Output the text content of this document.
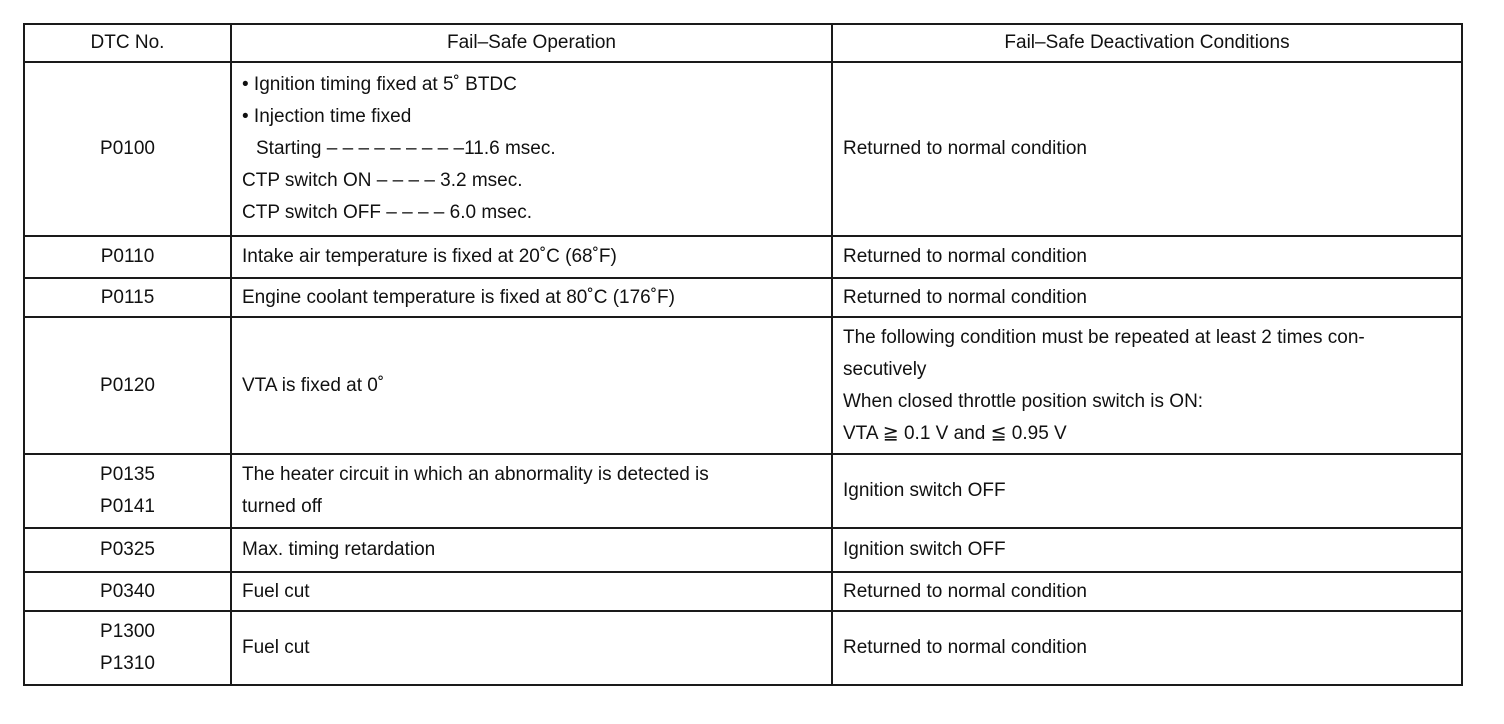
DTC No.	Fail–Safe Operation	Fail–Safe Deactivation Conditions

P0100	• Ignition timing fixed at 5˚ BTDC
• Injection time fixed
Starting – – – – – – – – –11.6 msec.
CTP switch ON – – – – 3.2 msec.
CTP switch OFF – – – – 6.0 msec.	Returned to normal condition

P0110	Intake air temperature is fixed at 20˚C (68˚F)	Returned to normal condition

P0115	Engine coolant temperature is fixed at 80˚C (176˚F)	Returned to normal condition

P0120	VTA is fixed at 0˚	The following condition must be repeated at least 2 times con-
secutively
When closed throttle position switch is ON:
VTA ≧ 0.1 V and ≦ 0.95 V

P0135
P0141	The heater circuit in which an abnormality is detected is
turned off	Ignition switch OFF

P0325	Max. timing retardation	Ignition switch OFF

P0340	Fuel cut	Returned to normal condition

P1300
P1310	Fuel cut	Returned to normal condition
